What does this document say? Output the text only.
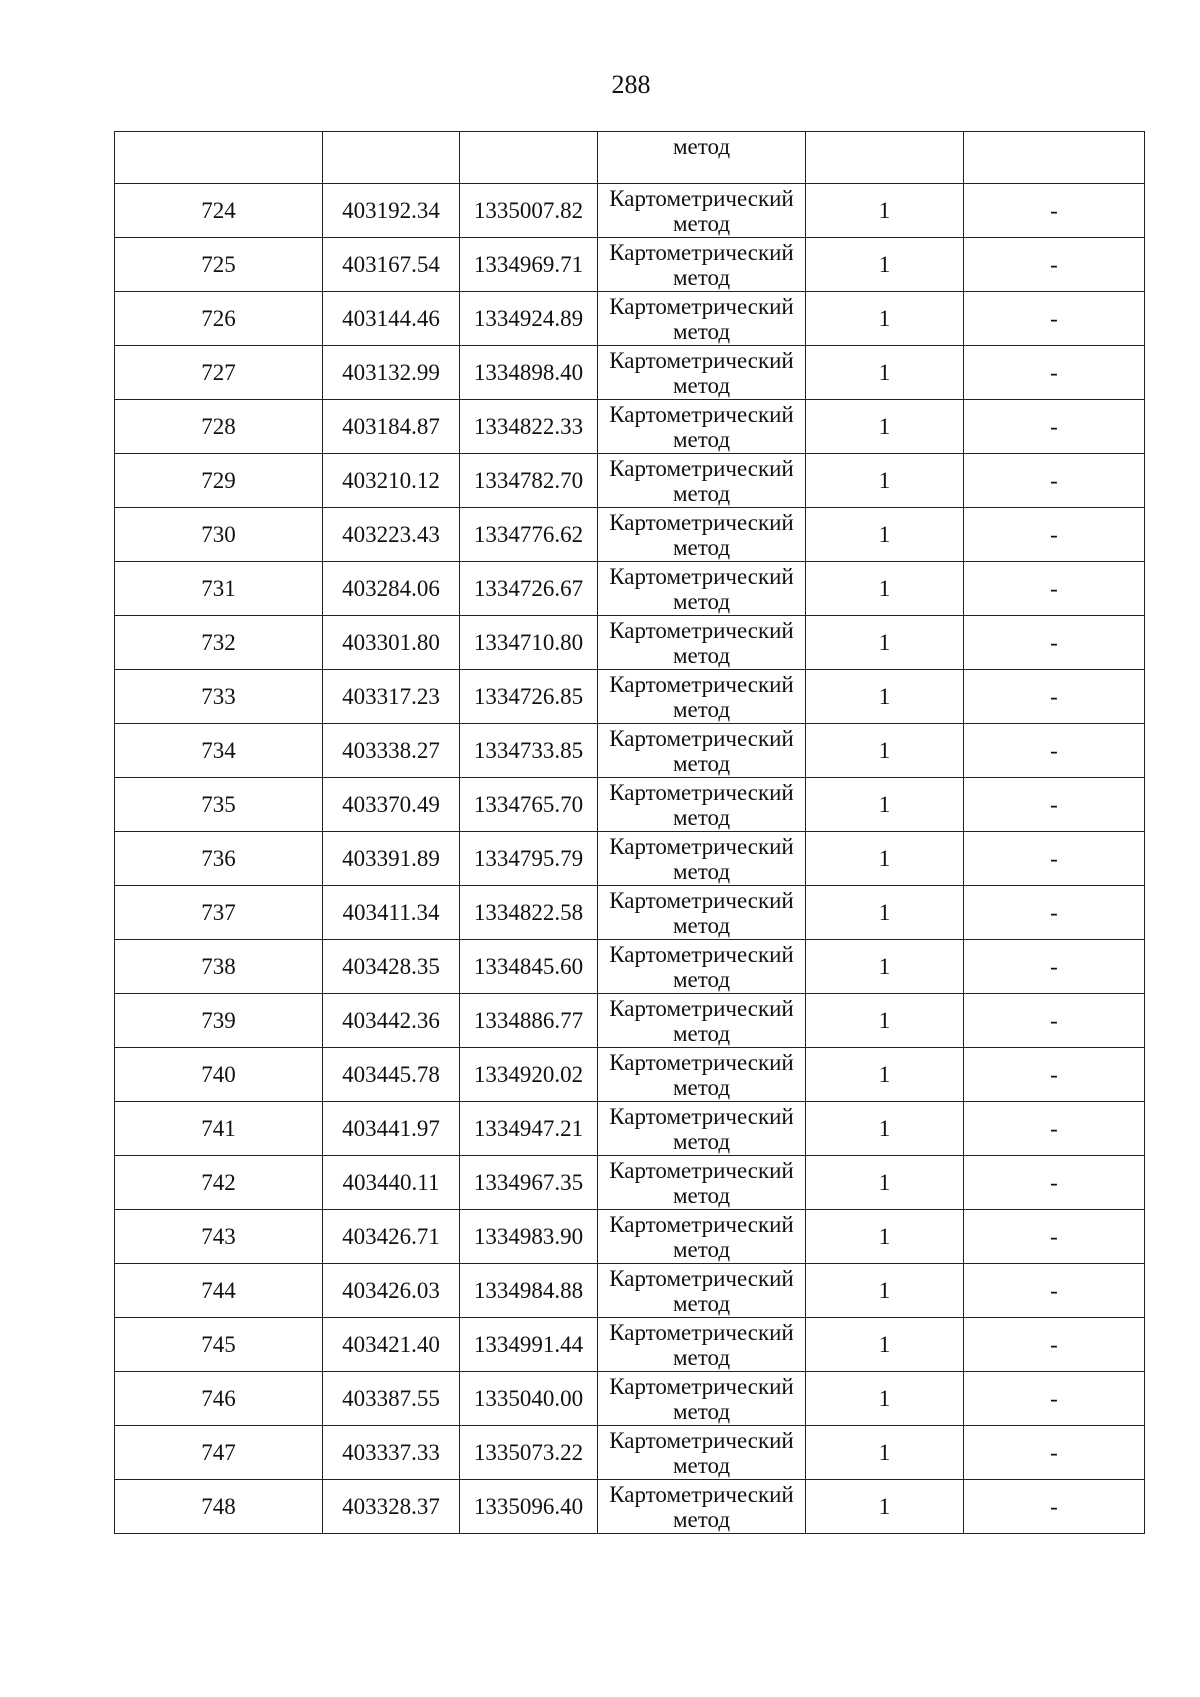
288
			метод		
724	403192.34	1335007.82	Картометрический метод	1	-
725	403167.54	1334969.71	Картометрический метод	1	-
726	403144.46	1334924.89	Картометрический метод	1	-
727	403132.99	1334898.40	Картометрический метод	1	-
728	403184.87	1334822.33	Картометрический метод	1	-
729	403210.12	1334782.70	Картометрический метод	1	-
730	403223.43	1334776.62	Картометрический метод	1	-
731	403284.06	1334726.67	Картометрический метод	1	-
732	403301.80	1334710.80	Картометрический метод	1	-
733	403317.23	1334726.85	Картометрический метод	1	-
734	403338.27	1334733.85	Картометрический метод	1	-
735	403370.49	1334765.70	Картометрический метод	1	-
736	403391.89	1334795.79	Картометрический метод	1	-
737	403411.34	1334822.58	Картометрический метод	1	-
738	403428.35	1334845.60	Картометрический метод	1	-
739	403442.36	1334886.77	Картометрический метод	1	-
740	403445.78	1334920.02	Картометрический метод	1	-
741	403441.97	1334947.21	Картометрический метод	1	-
742	403440.11	1334967.35	Картометрический метод	1	-
743	403426.71	1334983.90	Картометрический метод	1	-
744	403426.03	1334984.88	Картометрический метод	1	-
745	403421.40	1334991.44	Картометрический метод	1	-
746	403387.55	1335040.00	Картометрический метод	1	-
747	403337.33	1335073.22	Картометрический метод	1	-
748	403328.37	1335096.40	Картометрический метод	1	-
